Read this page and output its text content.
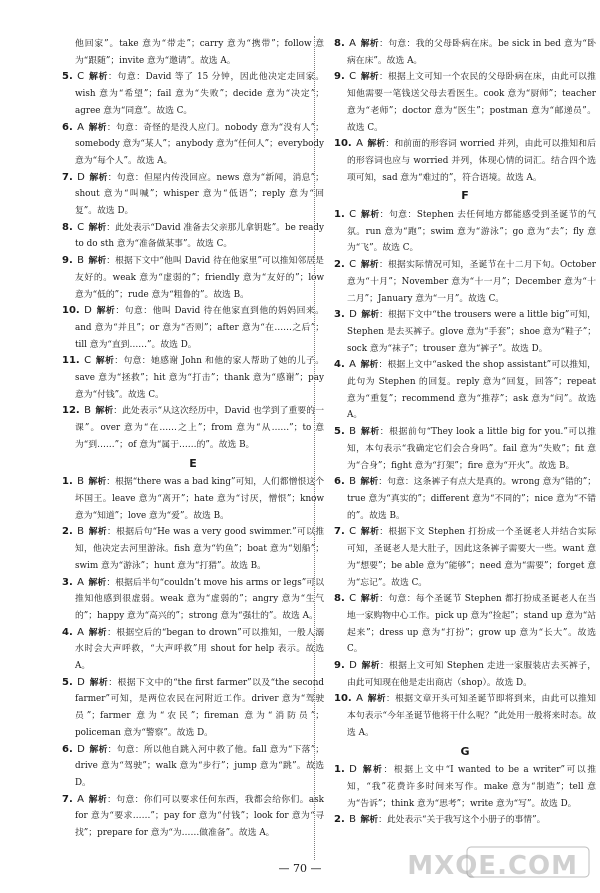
他回家”。take 意为“带走”；carry 意为“携带”；follow 意为“跟随”；invite 意为“邀请”。故选 A。

5.  C  解析：句意：David 等了 15 分钟，因此他决定走回家。wish 意为“希望”；fail 意为“失败”；decide 意为“决定”；agree 意为“同意”。故选 C。

6.  A  解析：句意：奇怪的是没人应门。nobody 意为“没有人”；somebody 意为“某人”；anybody 意为“任何人”；everybody 意为“每个人”。故选 A。

7.  D  解析：句意：但屋内传没回应。news 意为“新闻，消息”；shout 意为“叫喊”；whisper 意为“低语”；reply 意为“回复”。故选 D。

8.  C  解析：此处表示“David 准备去父亲那儿拿钥匙”。be ready to do sth 意为“准备做某事”。故选 C。

9.  B  解析：根据下文中“他叫 David 待在他家里”可以推知邻居是友好的。weak 意为“虚弱的”；friendly 意为“友好的”；low 意为“低的”；rude 意为“粗鲁的”。故选 B。

10.  D  解析：句意：他叫 David 待在他家直到他的妈妈回来。and 意为“并且”；or 意为“否则”；after 意为“在……之后”；till 意为“直到……”。故选 D。

11.  C  解析：句意：她感谢 John 和他的家人帮助了她的儿子。save 意为“拯救”；hit 意为“打击”；thank 意为“感谢”；pay 意为“付钱”。故选 C。

12.  B  解析：此处表示“从这次经历中，David 也学到了重要的一课”。over 意为“在……之上”；from 意为“从……”；to 意为“到……”；of 意为“属于……的”。故选 B。

E

1.  B  解析：根据“there was a bad king”可知，人们都憎恨这个坏国王。leave 意为“离开”；hate 意为“讨厌，憎恨”；know 意为“知道”；love 意为“爱”。故选 B。

2.  B  解析：根据后句“He was a very good swimmer.”可以推知，他决定去河里游泳。fish 意为“钓鱼”；boat 意为“划船”；swim 意为“游泳”；hunt 意为“打猎”。故选 B。

3.  A  解析：根据后半句“couldn’t move his arms or legs”可以推知他感到很虚弱。weak 意为“虚弱的”；angry 意为“生气的”；happy 意为“高兴的”；strong 意为“强壮的”。故选 A。

4.  A  解析：根据空后的“began to drown”可以推知，一般人溺水时会大声呼救，“大声呼救”用 shout for help 表示。故选 A。

5.  D  解析：根据下文中的“the first farmer”以及“the second farmer”可知，是两位农民在河附近工作。driver 意为“驾驶员”；farmer 意为“农民”；fireman 意为“消防员”；policeman 意为“警察”。故选 D。

6.  D  解析：句意：所以他自跳入河中救了他。fall 意为“下落”；drive 意为“驾驶”；walk 意为“步行”；jump 意为“跳”。故选 D。

7.  A  解析：句意：你们可以要求任何东西，我都会给你们。ask for 意为“要求……”；pay for 意为“付钱”；look for 意为“寻找”；prepare for 意为“为……做准备”。故选 A。

8.  A  解析：句意：我的父母卧病在床。be sick in bed 意为“卧病在床”。故选 A。

9.  C  解析：根据上文可知一个农民的父母卧病在床，由此可以推知他需要一笔钱送父母去看医生。cook 意为“厨师”；teacher 意为“老师”；doctor 意为“医生”；postman 意为“邮递员”。故选 C。

10.  A  解析：和前面的形容词 worried 并列，由此可以推知和后的形容词也应与 worried 并列，体现心情的词汇。结合四个选项可知，sad 意为“难过的”，符合语境。故选 A。

F

1.  C  解析：句意：Stephen 去任何地方都能感受到圣诞节的气氛。run 意为“跑”；swim 意为“游泳”；go 意为“去”；fly 意为“飞”。故选 C。

2.  C  解析：根据实际情况可知，圣诞节在十二月下旬。October 意为“十月”；November 意为“十一月”；December 意为“十二月”；January 意为“一月”。故选 C。

3.  D  解析：根据下文中“the trousers were a little big”可知，Stephen 是去买裤子。glove 意为“手套”；shoe 意为“鞋子”；sock 意为“袜子”；trouser 意为“裤子”。故选 D。

4.  A  解析：根据上文中“asked the shop assistant”可以推知，此句为 Stephen 的回复。reply 意为“回复，回答”；repeat 意为“重复”；recommend 意为“推荐”；ask 意为“问”。故选 A。

5.  B  解析：根据前句“They look a little big for you.”可以推知，本句表示“我确定它们会合身吗”。fail 意为“失败”；fit 意为“合身”；fight 意为“打架”；fire 意为“开火”。故选 B。

6.  B  解析：句意：这条裤子有点大是真的。wrong 意为“错的”；true 意为“真实的”；different 意为“不同的”；nice 意为“不错的”。故选 B。

7.  C  解析：根据下文 Stephen 打扮成一个圣诞老人并结合实际可知，圣诞老人是大肚子，因此这条裤子需要大一些。want 意为“想要”；be able 意为“能够”；need 意为“需要”；forget 意为“忘记”。故选 C。

8.  C  解析：句意：每个圣诞节 Stephen 都打扮成圣诞老人在当地一家购物中心工作。pick up 意为“捡起”；stand up 意为“站起来”；dress up 意为“打扮”；grow up 意为“长大”。故选 C。

9.  D  解析：根据上文可知 Stephen 走进一家服装店去买裤子，由此可知现在他是走出商店（shop）。故选 D。

10.  A  解析：根据文章开头可知圣诞节即将到来，由此可以推知本句表示“今年圣诞节他将干什么呢？”此处用一般将来时态。故选 A。

G

1.  D  解析：根据上文中“I wanted to be a writer”可以推知，“我”花费许多时间来写作。make 意为“制造”；tell 意为“告诉”；think 意为“思考”；write 意为“写”。故选 D。

2.  B  解析：此处表示“关于我写这个小册子的事情”。

— 70 —	MXQE.COM
